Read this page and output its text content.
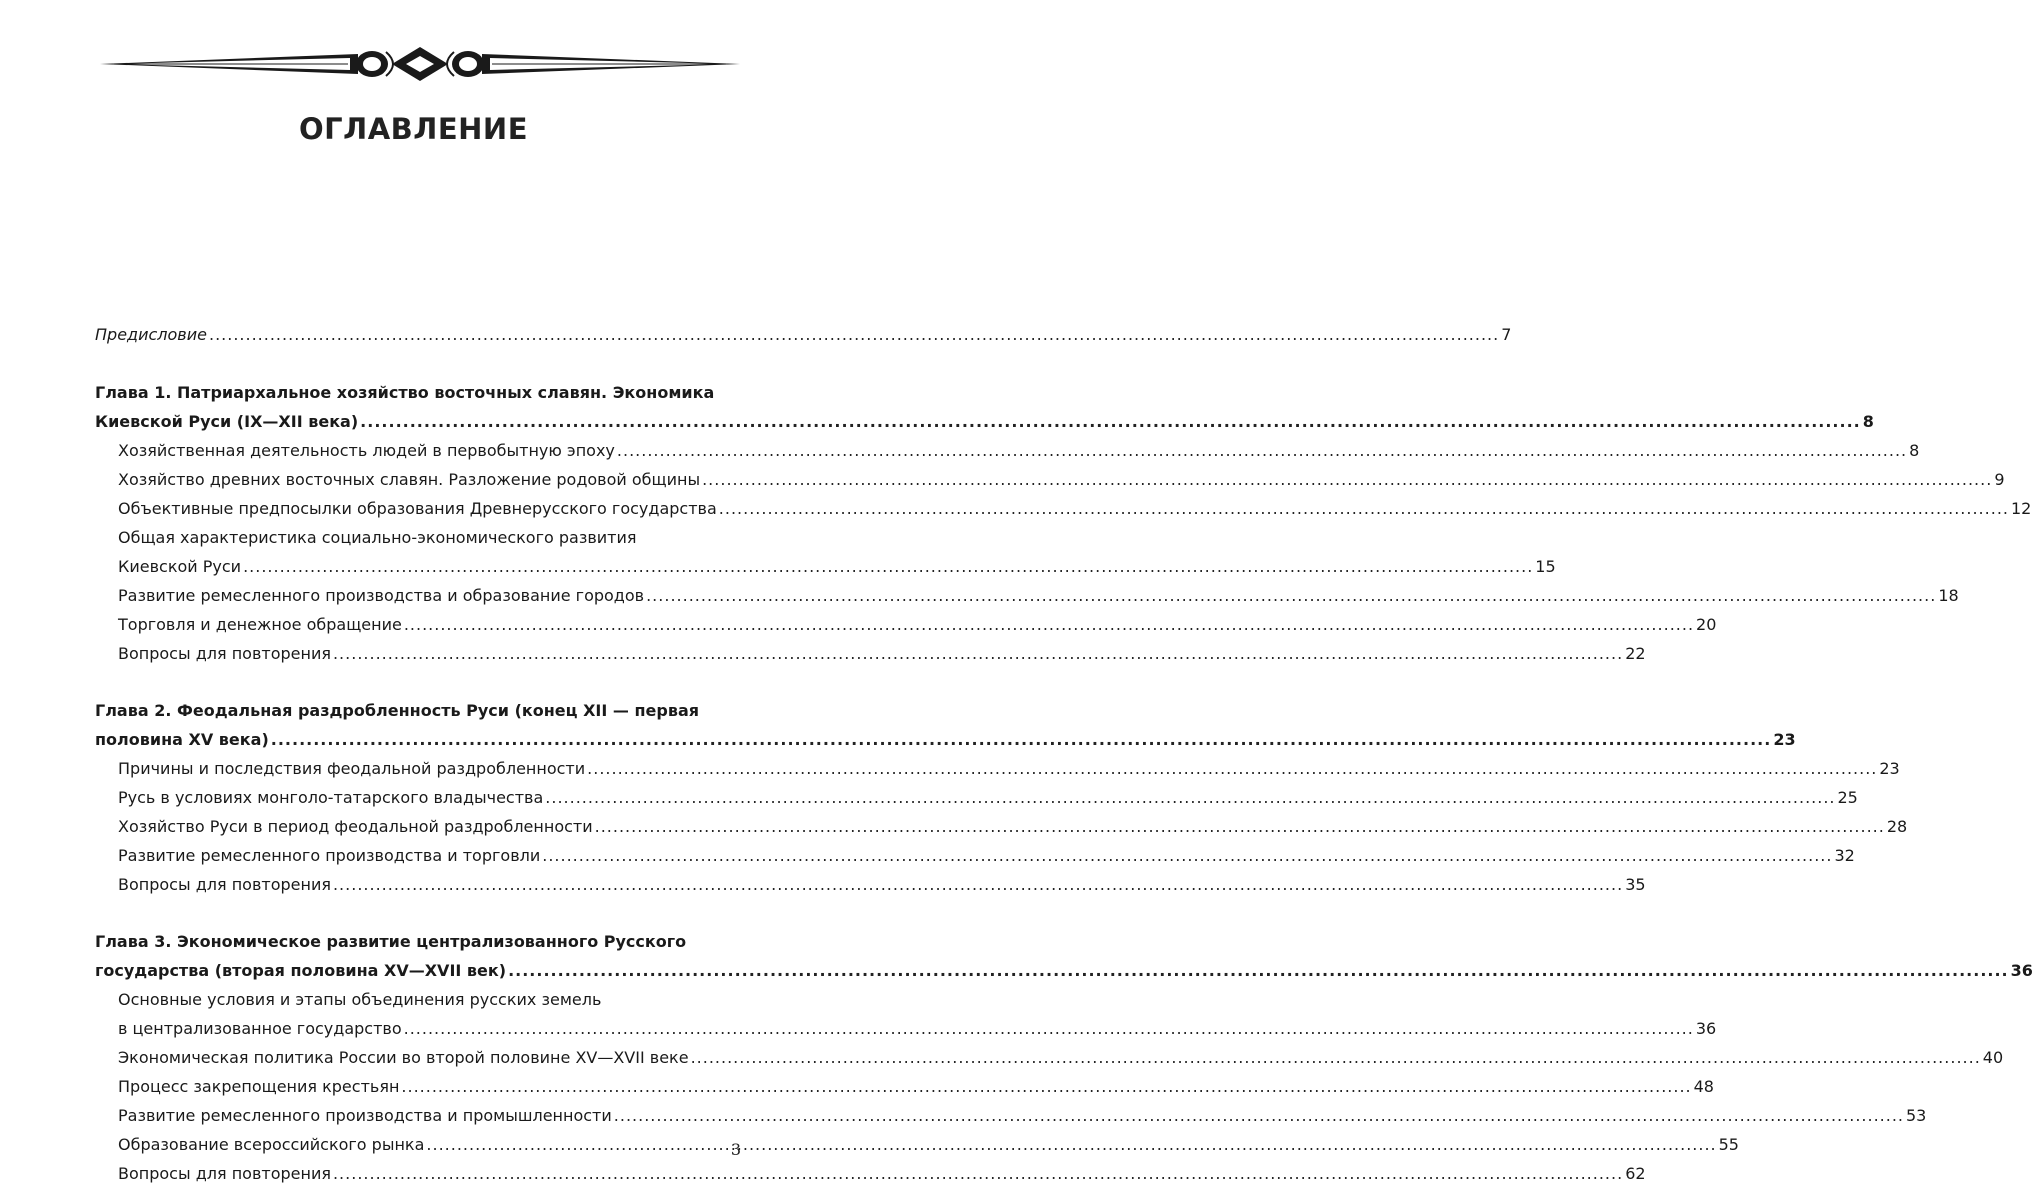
ОГЛАВЛЕНИЕ
Предисловие .....	7
Глава 1. Патриархальное хозяйство восточных славян. Экономика
Киевской Руси (IX—XII века) .....	8
Хозяйственная деятельность людей в первобытную эпоху .....	8
Хозяйство древних восточных славян. Разложение родовой общины .....	9
Объективные предпосылки образования Древнерусского государства .....	12
Общая характеристика социально-экономического развития
Киевской Руси .....	15
Развитие ремесленного производства и образование городов .....	18
Торговля и денежное обращение .....	20
Вопросы для повторения .....	22
Глава 2. Феодальная раздробленность Руси (конец XII — первая
половина XV века) .....	23
Причины и последствия феодальной раздробленности .....	23
Русь в условиях монголо-татарского владычества .....	25
Хозяйство Руси в период феодальной раздробленности .....	28
Развитие ремесленного производства и торговли .....	32
Вопросы для повторения .....	35
Глава 3. Экономическое развитие централизованного Русского
государства (вторая половина XV—XVII век) .....	36
Основные условия и этапы объединения русских земель
в централизованное государство .....	36
Экономическая политика России во второй половине XV—XVII веке .....	40
Процесс закрепощения крестьян .....	48
Развитие ремесленного производства и промышленности .....	53
Образование всероссийского рынка .....	55
Вопросы для повторения .....	62
3
